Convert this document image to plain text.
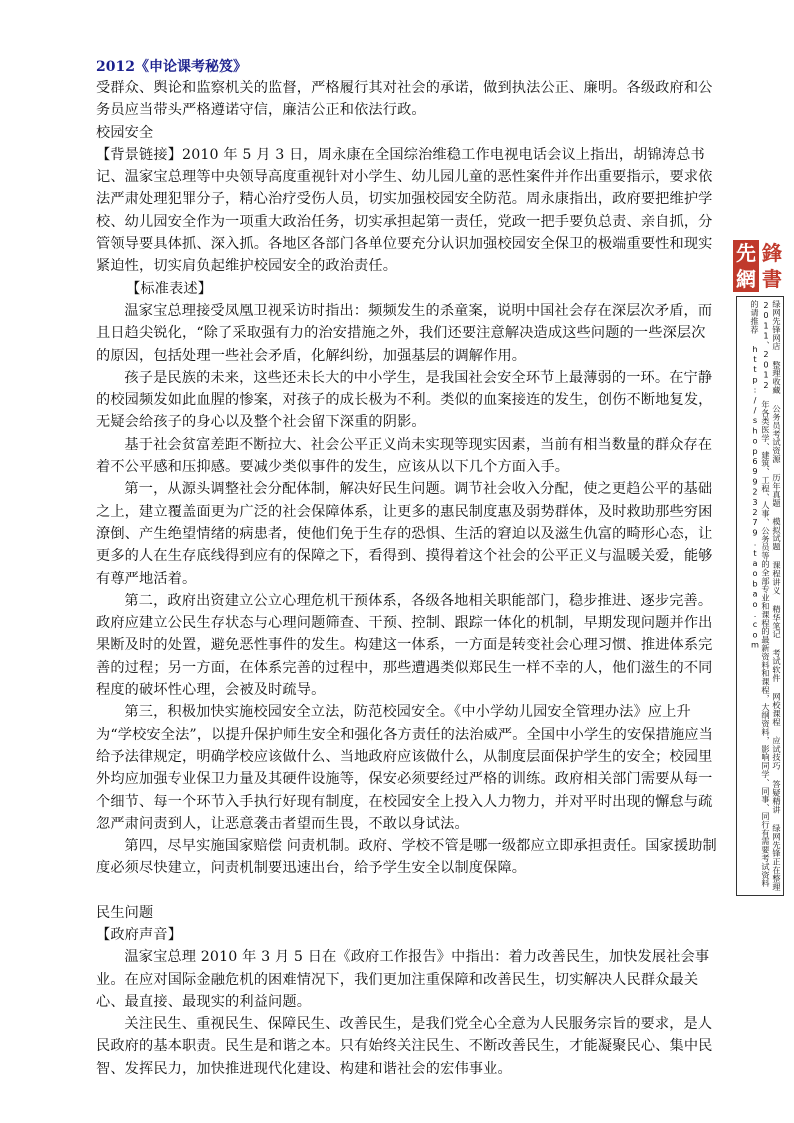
2012《申论课考秘笈》

受群众、舆论和监察机关的监督，严格履行其对社会的承诺，做到执法公正、廉明。各级政府和公务员应当带头严格遵诺守信，廉洁公正和依法行政。

校园安全

【背景链接】2010 年 5 月 3 日，周永康在全国综治维稳工作电视电话会议上指出，胡锦涛总书记、温家宝总理等中央领导高度重视针对小学生、幼儿园儿童的恶性案件并作出重要指示，要求依法严肃处理犯罪分子，精心治疗受伤人员，切实加强校园安全防范。周永康指出，政府要把维护学校、幼儿园安全作为一项重大政治任务，切实承担起第一责任，党政一把手要负总责、亲自抓，分管领导要具体抓、深入抓。各地区各部门各单位要充分认识加强校园安全保卫的极端重要性和现实紧迫性，切实肩负起维护校园安全的政治责任。

【标准表述】

温家宝总理接受凤凰卫视采访时指出：频频发生的杀童案，说明中国社会存在深层次矛盾，而且日趋尖锐化，“除了采取强有力的治安措施之外，我们还要注意解决造成这些问题的一些深层次的原因，包括处理一些社会矛盾，化解纠纷，加强基层的调解作用。

孩子是民族的未来，这些还未长大的中小学生，是我国社会安全环节上最薄弱的一环。在宁静的校园频发如此血腥的惨案，对孩子的成长极为不利。类似的血案接连的发生，创伤不断地复发，无疑会给孩子的身心以及整个社会留下深重的阴影。

基于社会贫富差距不断拉大、社会公平正义尚未实现等现实因素，当前有相当数量的群众存在着不公平感和压抑感。要减少类似事件的发生，应该从以下几个方面入手。

第一，从源头调整社会分配体制，解决好民生问题。调节社会收入分配，使之更趋公平的基础之上，建立覆盖面更为广泛的社会保障体系，让更多的惠民制度惠及弱势群体，及时救助那些穷困潦倒、产生绝望情绪的病患者，使他们免于生存的恐惧、生活的窘迫以及滋生仇富的畸形心态，让更多的人在生存底线得到应有的保障之下，看得到、摸得着这个社会的公平正义与温暖关爱，能够有尊严地活着。

第二，政府出资建立公立心理危机干预体系，各级各地相关职能部门，稳步推进、逐步完善。政府应建立公民生存状态与心理问题筛查、干预、控制、跟踪一体化的机制，早期发现问题并作出果断及时的处置，避免恶性事件的发生。构建这一体系，一方面是转变社会心理习惯、推进体系完善的过程；另一方面，在体系完善的过程中，那些遭遇类似郑民生一样不幸的人，他们滋生的不同程度的破坏性心理，会被及时疏导。

第三，积极加快实施校园安全立法，防范校园安全。《中小学幼儿园安全管理办法》应上升为“学校安全法”，以提升保护师生安全和强化各方责任的法治威严。全国中小学生的安保措施应当给予法律规定，明确学校应该做什么、当地政府应该做什么，从制度层面保护学生的安全；校园里外均应加强专业保卫力量及其硬件设施等，保安必须要经过严格的训练。政府相关部门需要从每一个细节、每一个环节入手执行好现有制度，在校园安全上投入人力物力，并对平时出现的懈怠与疏忽严肃问责到人，让恶意袭击者望而生畏，不敢以身试法。

第四，尽早实施国家赔偿 问责机制。政府、学校不管是哪一级都应立即承担责任。国家援助制度必须尽快建立，问责机制要迅速出台，给予学生安全以制度保障。

民生问题

【政府声音】

温家宝总理 2010 年 3 月 5 日在《政府工作报告》中指出：着力改善民生，加快发展社会事业。在应对国际金融危机的困难情况下，我们更加注重保障和改善民生，切实解决人民群众最关心、最直接、最现实的利益问题。

关注民生、重视民生、保障民生、改善民生，是我们党全心全意为人民服务宗旨的要求，是人民政府的基本职责。民生是和谐之本。只有始终关注民生、不断改善民生，才能凝聚民心、集中民智、发挥民力，加快推进现代化建设、构建和谐社会的宏伟事业。

先 鋒
網 書
绿网先锋网店 整理收藏 公务员考试资源 历年真题 模拟试题 课程讲义 精华笔记 考试软件 网校课程 应试技巧 答疑精讲 绿网先锋正在整理 2011、2012 年各类医学、建筑、工程、人事、公务员等的全部专业和课程的最新资料和课程，大纲资料，影响同学、同事、同行有需要考试资料的请推荐 http://shop69923279.taobao.com
